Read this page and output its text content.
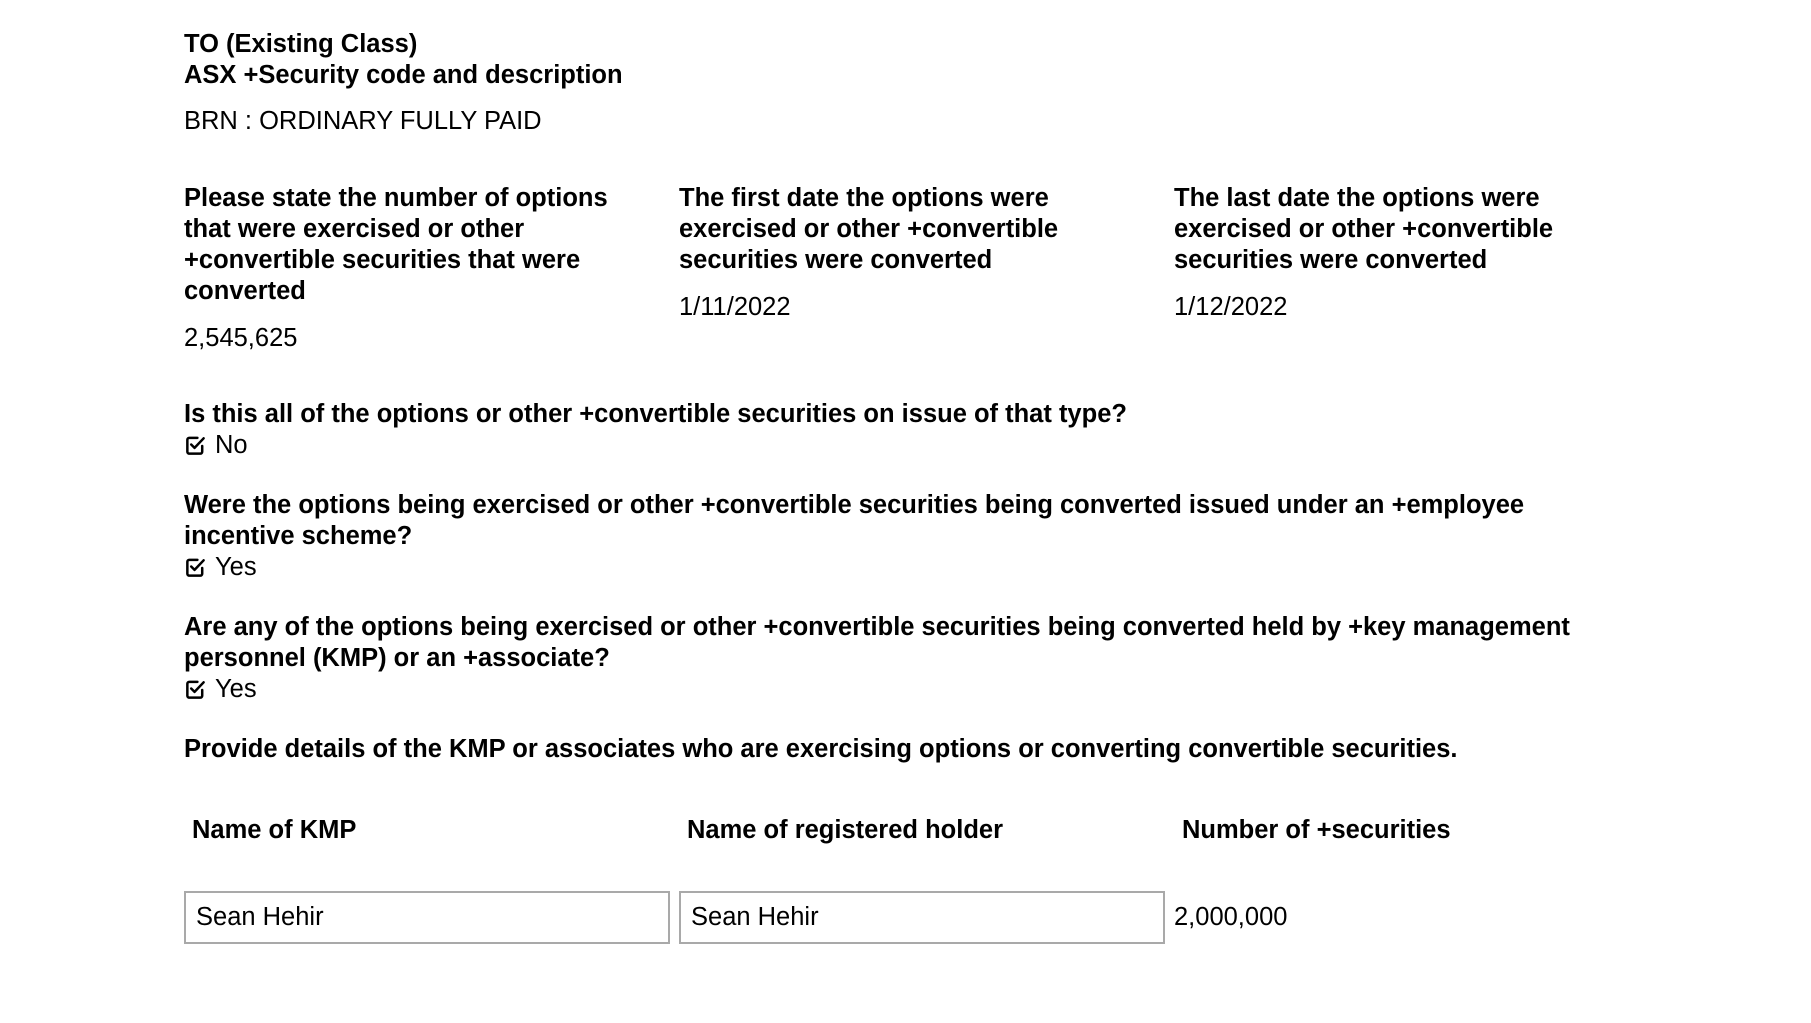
TO (Existing Class)
ASX +Security code and description
BRN : ORDINARY FULLY PAID
Please state the number of options that were exercised or other +convertible securities that were converted
2,545,625
The first date the options were exercised or other +convertible securities were converted
1/11/2022
The last date the options were exercised or other +convertible securities were converted
1/12/2022
Is this all of the options or other +convertible securities on issue of that type?
No
Were the options being exercised or other +convertible securities being converted issued under an +employee incentive scheme?
Yes
Are any of the options being exercised or other +convertible securities being converted held by +key management personnel (KMP) or an +associate?
Yes
Provide details of the KMP or associates who are exercising options or converting convertible securities.
Name of KMP	Name of registered holder	Number of +securities
Sean Hehir	Sean Hehir	2,000,000
